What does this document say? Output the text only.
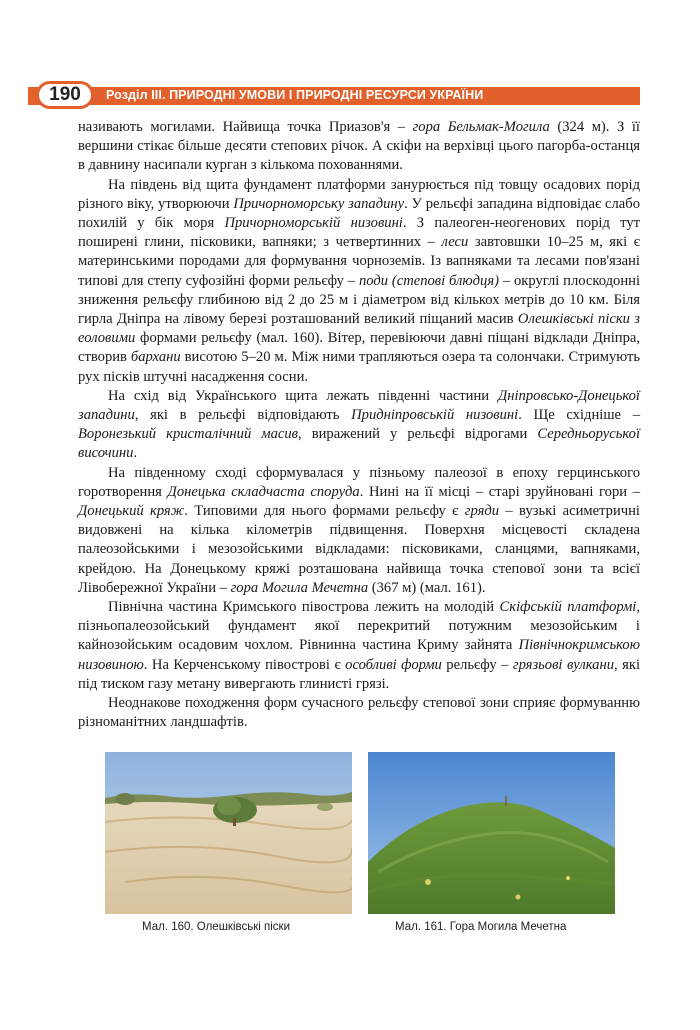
190	Розділ ІІІ. ПРИРОДНІ УМОВИ І ПРИРОДНІ РЕСУРСИ УКРАЇНИ

називають могилами. Найвища точка Приазов'я – гора Бельмак-Могила (324 м). З її вершини стікає більше десяти степових річок. А скіфи на верхівці цього пагорба-останця в давнину насипали курган з кількома похованнями.

На південь від щита фундамент платформи занурюється під товщу осадових порід різного віку, утворюючи Причорноморську западину. У рельєфі западина відповідає слабо похилій у бік моря Причорноморській низовині. З палеоген-неогенових порід тут поширені глини, пісковики, вапняки; з четвертинних – леси завтовшки 10–25 м, які є материнськими породами для формування чорноземів. Із вапняками та лесами пов'язані типові для степу суфозійні форми рельєфу – поди (степові блюдця) – округлі плоскодонні зниження рельєфу глибиною від 2 до 25 м і діаметром від кількох метрів до 10 км. Біля гирла Дніпра на лівому березі розташований великий піщаний масив Олешківські піски з еоловими формами рельєфу (мал. 160). Вітер, перевіюючи давні піщані відклади Дніпра, створив бархани висотою 5–20 м. Між ними трапляються озера та солончаки. Стримують рух пісків штучні насадження сосни.

На схід від Українського щита лежать південні частини Дніпровсько-Донецької западини, які в рельєфі відповідають Придніпровській низовині. Ще східніше – Воронезький кристалічний масив, виражений у рельєфі відрогами Середньоруської височини.

На південному сході сформувалася у пізньому палеозої в епоху герцинського горотворення Донецька складчаста споруда. Нині на її місці – старі зруйновані гори – Донецький кряж. Типовими для нього формами рельєфу є гряди – вузькі асиметричні видовжені на кілька кілометрів підвищення. Поверхня місцевості складена палеозойськими і мезозойськими відкладами: пісковиками, сланцями, вапняками, крейдою. На Донецькому кряжі розташована найвища точка степової зони та всієї Лівобережної України – гора Могила Мечетна (367 м) (мал. 161).

Північна частина Кримського півострова лежить на молодій Скіфській платформі, пізньопалеозойський фундамент якої перекритий потужним мезозойським і кайнозойським осадовим чохлом. Рівнинна частина Криму зайнята Північнокримською низовиною. На Керченському півострові є особливі форми рельєфу – грязьові вулкани, які під тиском газу метану вивергають глинисті грязі.

Неоднакове походження форм сучасного рельєфу степової зони сприяє формуванню різноманітних ландшафтів.

Мал. 160. Олешківські піски	Мал. 161. Гора Могила Мечетна
